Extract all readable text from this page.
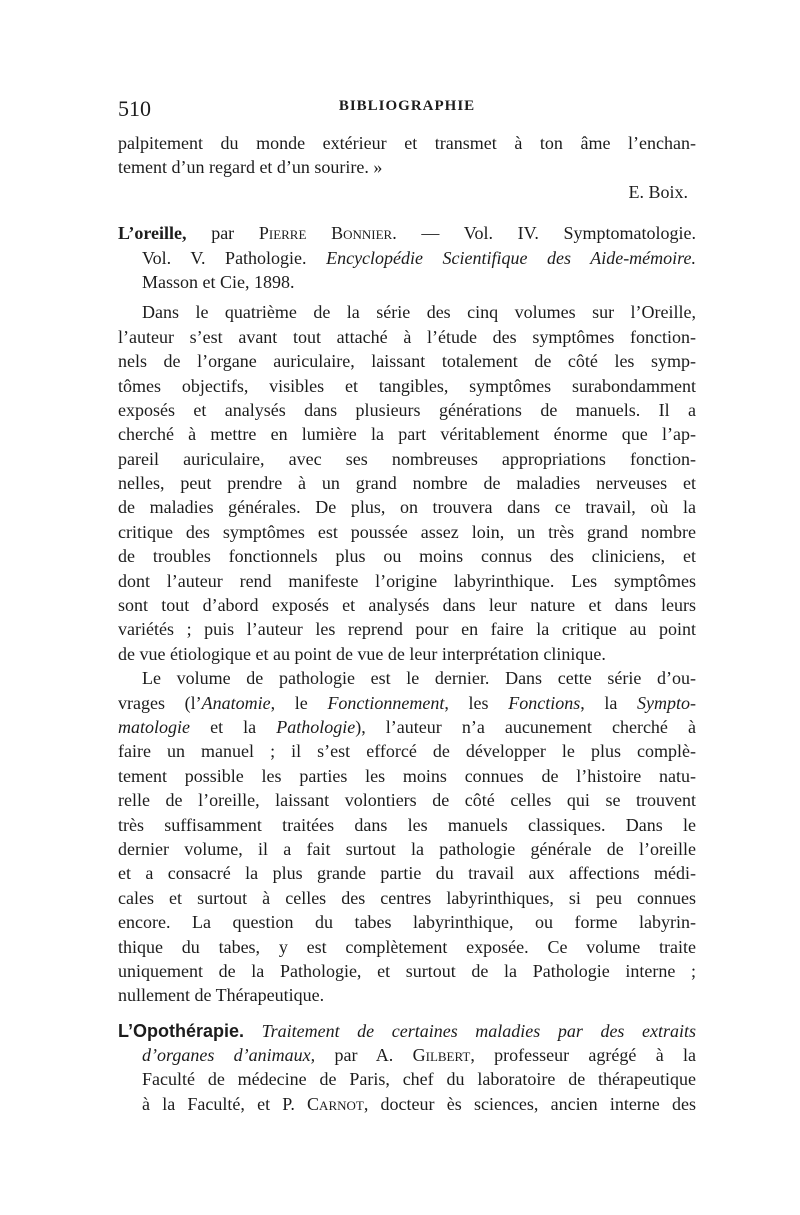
510	BIBLIOGRAPHIE
palpitement du monde extérieur et transmet à ton âme l’enchan-
tement d’un regard et d’un sourire. »
E. Boix.
L’oreille, par Pierre Bonnier. — Vol. IV. Symptomatologie.
Vol. V. Pathologie. Encyclopédie Scientifique des Aide-mémoire.
Masson et Cie, 1898.
Dans le quatrième de la série des cinq volumes sur l’Oreille,
l’auteur s’est avant tout attaché à l’étude des symptômes fonction-
nels de l’organe auriculaire, laissant totalement de côté les symp-
tômes objectifs, visibles et tangibles, symptômes surabondamment
exposés et analysés dans plusieurs générations de manuels. Il a
cherché à mettre en lumière la part véritablement énorme que l’ap-
pareil auriculaire, avec ses nombreuses appropriations fonction-
nelles, peut prendre à un grand nombre de maladies nerveuses et
de maladies générales. De plus, on trouvera dans ce travail, où la
critique des symptômes est poussée assez loin, un très grand nombre
de troubles fonctionnels plus ou moins connus des cliniciens, et
dont l’auteur rend manifeste l’origine labyrinthique. Les symptômes
sont tout d’abord exposés et analysés dans leur nature et dans leurs
variétés ; puis l’auteur les reprend pour en faire la critique au point
de vue étiologique et au point de vue de leur interprétation clinique.
Le volume de pathologie est le dernier. Dans cette série d’ou-
vrages (l’Anatomie, le Fonctionnement, les Fonctions, la Sympto-
matologie et la Pathologie), l’auteur n’a aucunement cherché à
faire un manuel ; il s’est efforcé de développer le plus complè-
tement possible les parties les moins connues de l’histoire natu-
relle de l’oreille, laissant volontiers de côté celles qui se trouvent
très suffisamment traitées dans les manuels classiques. Dans le
dernier volume, il a fait surtout la pathologie générale de l’oreille
et a consacré la plus grande partie du travail aux affections médi-
cales et surtout à celles des centres labyrinthiques, si peu connues
encore. La question du tabes labyrinthique, ou forme labyrin-
thique du tabes, y est complètement exposée. Ce volume traite
uniquement de la Pathologie, et surtout de la Pathologie interne ;
nullement de Thérapeutique.
L’Opothérapie. Traitement de certaines maladies par des extraits
d’organes d’animaux, par A. Gilbert, professeur agrégé à la
Faculté de médecine de Paris, chef du laboratoire de thérapeutique
à la Faculté, et P. Carnot, docteur ès sciences, ancien interne des
